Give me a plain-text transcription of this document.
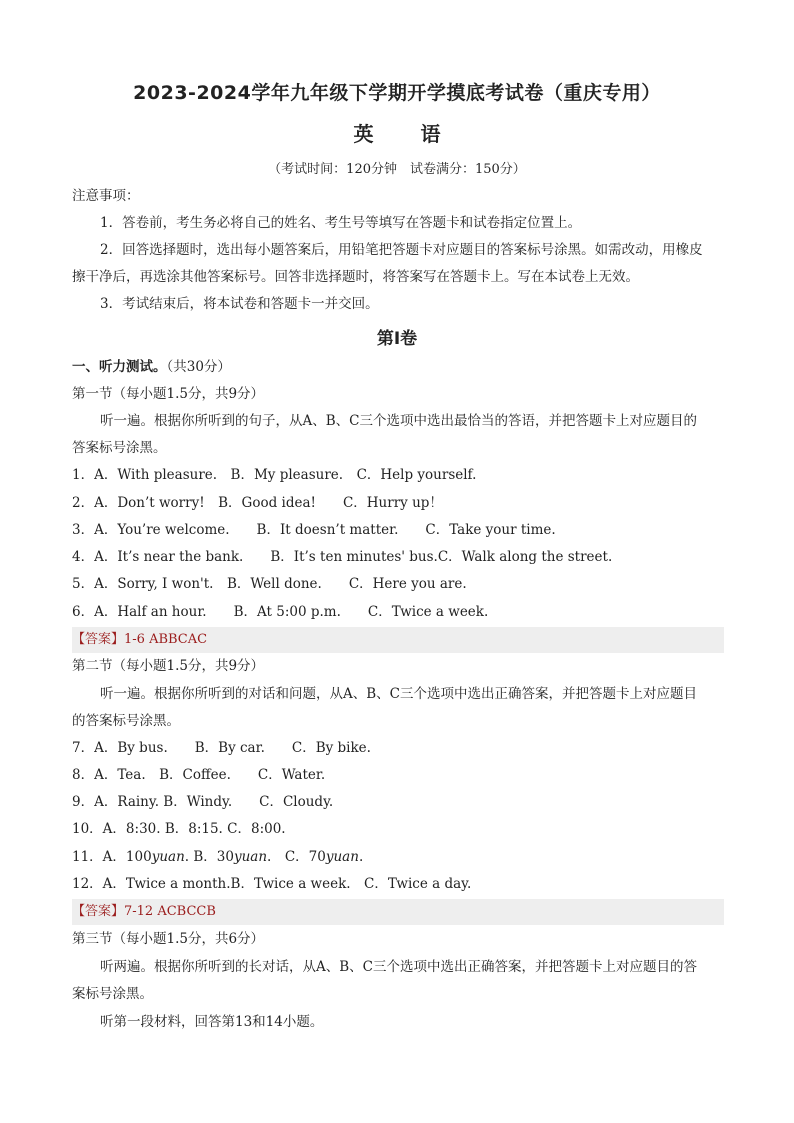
2023-2024学年九年级下学期开学摸底考试卷（重庆专用）
英 语
（考试时间：120分钟　试卷满分：150分）
注意事项：
1．答卷前，考生务必将自己的姓名、考生号等填写在答题卡和试卷指定位置上。
2．回答选择题时，选出每小题答案后，用铅笔把答题卡对应题目的答案标号涂黑。如需改动，用橡皮
擦干净后，再选涂其他答案标号。回答非选择题时，将答案写在答题卡上。写在本试卷上无效。
3．考试结束后，将本试卷和答题卡一并交回。
第I卷
一、听力测试。（共30分）
第一节（每小题1.5分，共9分）
听一遍。根据你所听到的句子，从A、B、C三个选项中选出最恰当的答语，并把答题卡上对应题目的
答案标号涂黑。
1．A．With pleasure.　B．My pleasure.　C．Help yourself.
2．A．Don’t worry!　B．Good idea!　　C．Hurry up！
3．A．You’re welcome.　　B．It doesn’t matter.　　C．Take your time.
4．A．It’s near the bank.　　B．It’s ten minutes' bus.C．Walk along the street.
5．A．Sorry, I won't.　B．Well done.　　C．Here you are.
6．A．Half an hour.　　B．At 5:00 p.m.　　C．Twice a week.
【答案】1-6 ABBCAC
第二节（每小题1.5分，共9分）
听一遍。根据你所听到的对话和问题，从A、B、C三个选项中选出正确答案，并把答题卡上对应题目
的答案标号涂黑。
7．A．By bus.　　B．By car.　　C．By bike.
8．A．Tea.　B．Coffee.　　C．Water.
9．A．Rainy. B．Windy.　　C．Cloudy.
10．A．8:30. B．8:15. C．8:00.
11．A．100yuan. B．30yuan.　C．70yuan.
12．A．Twice a month.B．Twice a week.　C．Twice a day.
【答案】7-12 ACBCCB
第三节（每小题1.5分，共6分）
听两遍。根据你所听到的长对话，从A、B、C三个选项中选出正确答案，并把答题卡上对应题目的答
案标号涂黑。
听第一段材料，回答第13和14小题。
